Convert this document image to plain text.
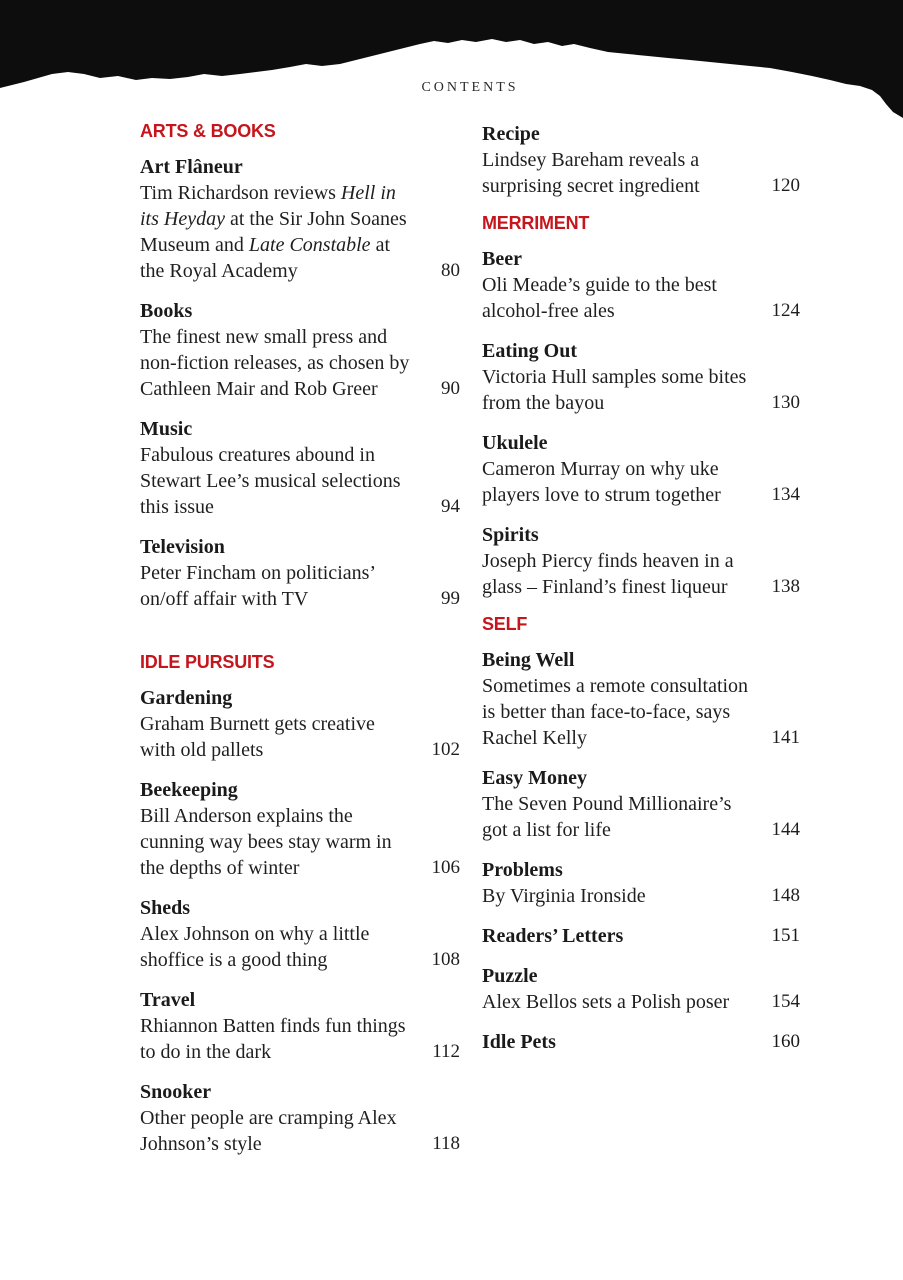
CONTENTS
ARTS & BOOKS
Art Flâneur
Tim Richardson reviews Hell in its Heyday at the Sir John Soanes Museum and Late Constable at the Royal Academy	80
Books
The finest new small press and non-fiction releases, as chosen by Cathleen Mair and Rob Greer	90
Music
Fabulous creatures abound in Stewart Lee’s musical selections this issue	94
Television
Peter Fincham on politicians’ on/off affair with TV	99
IDLE PURSUITS
Gardening
Graham Burnett gets creative with old pallets	102
Beekeeping
Bill Anderson explains the cunning way bees stay warm in the depths of winter	106
Sheds
Alex Johnson on why a little shoffice is a good thing	108
Travel
Rhiannon Batten finds fun things to do in the dark	112
Snooker
Other people are cramping Alex Johnson’s style	118
Recipe
Lindsey Bareham reveals a surprising secret ingredient	120
MERRIMENT
Beer
Oli Meade’s guide to the best alcohol-free ales	124
Eating Out
Victoria Hull samples some bites from the bayou	130
Ukulele
Cameron Murray on why uke players love to strum together	134
Spirits
Joseph Piercy finds heaven in a glass – Finland’s finest liqueur 138
SELF
Being Well
Sometimes a remote consultation is better than face-to-face, says Rachel Kelly	141
Easy Money
The Seven Pound Millionaire’s got a list for life	144
Problems
By Virginia Ironside	148
Readers’ Letters	151
Puzzle
Alex Bellos sets a Polish poser 154
Idle Pets	160
